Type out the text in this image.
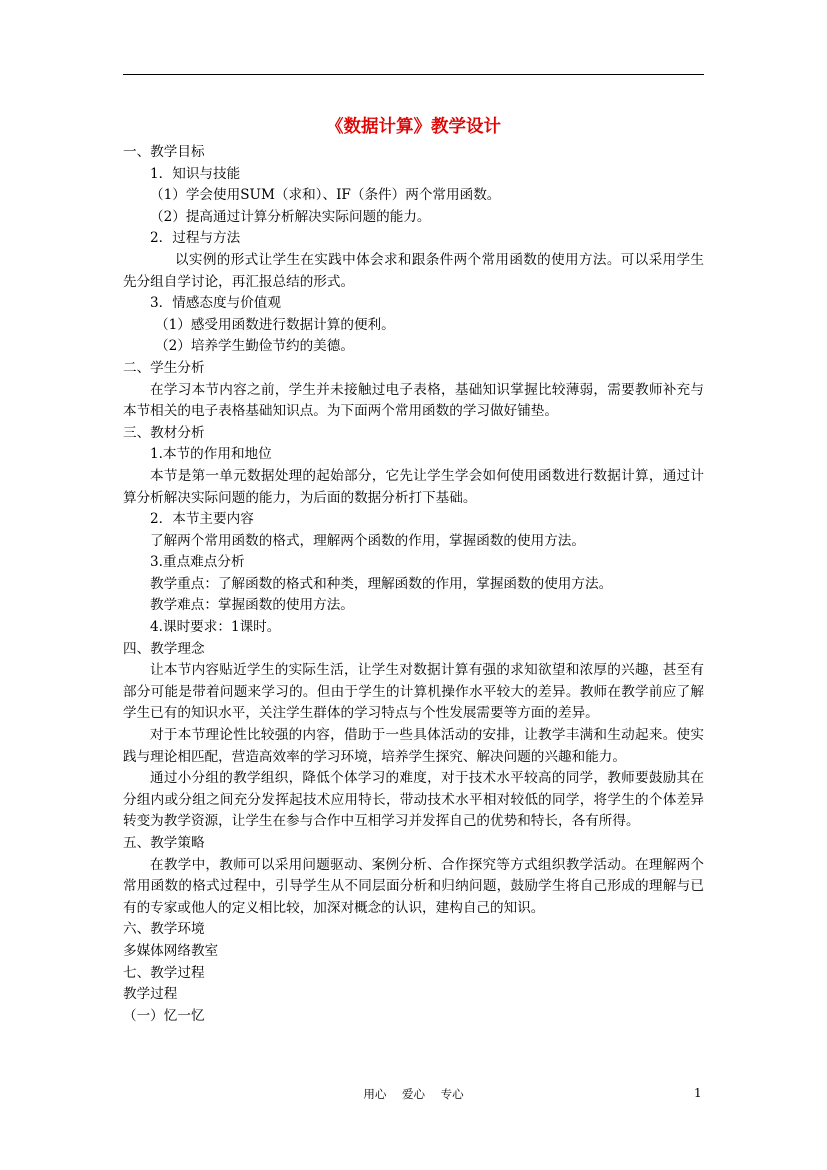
《数据计算》教学设计
一、教学目标
1．知识与技能
（1）学会使用SUM（求和）、IF（条件）两个常用函数。
（2）提高通过计算分析解决实际问题的能力。
2．过程与方法
以实例的形式让学生在实践中体会求和跟条件两个常用函数的使用方法。可以采用学生先分组自学讨论，再汇报总结的形式。
3．情感态度与价值观
（1）感受用函数进行数据计算的便利。
（2）培养学生勤俭节约的美德。
二、学生分析
在学习本节内容之前，学生并未接触过电子表格，基础知识掌握比较薄弱，需要教师补充与本节相关的电子表格基础知识点。为下面两个常用函数的学习做好铺垫。
三、教材分析
1.本节的作用和地位
本节是第一单元数据处理的起始部分，它先让学生学会如何使用函数进行数据计算，通过计算分析解决实际问题的能力，为后面的数据分析打下基础。
2．本节主要内容
了解两个常用函数的格式，理解两个函数的作用，掌握函数的使用方法。
3.重点难点分析
教学重点：了解函数的格式和种类，理解函数的作用，掌握函数的使用方法。
教学难点：掌握函数的使用方法。
4.课时要求：1课时。
四、教学理念
让本节内容贴近学生的实际生活，让学生对数据计算有强的求知欲望和浓厚的兴趣，甚至有部分可能是带着问题来学习的。但由于学生的计算机操作水平较大的差异。教师在教学前应了解学生已有的知识水平，关注学生群体的学习特点与个性发展需要等方面的差异。
对于本节理论性比较强的内容，借助于一些具体活动的安排，让教学丰满和生动起来。使实践与理论相匹配，营造高效率的学习环境，培养学生探究、解决问题的兴趣和能力。
通过小分组的教学组织，降低个体学习的难度，对于技术水平较高的同学，教师要鼓励其在分组内或分组之间充分发挥起技术应用特长，带动技术水平相对较低的同学，将学生的个体差异转变为教学资源，让学生在参与合作中互相学习并发挥自己的优势和特长，各有所得。
五、教学策略
在教学中，教师可以采用问题驱动、案例分析、合作探究等方式组织教学活动。在理解两个常用函数的格式过程中，引导学生从不同层面分析和归纳问题，鼓励学生将自己形成的理解与已有的专家或他人的定义相比较，加深对概念的认识，建构自己的知识。
六、教学环境
多媒体网络教室
七、教学过程
教学过程
（一）忆一忆
用心 爱心 专心	1
